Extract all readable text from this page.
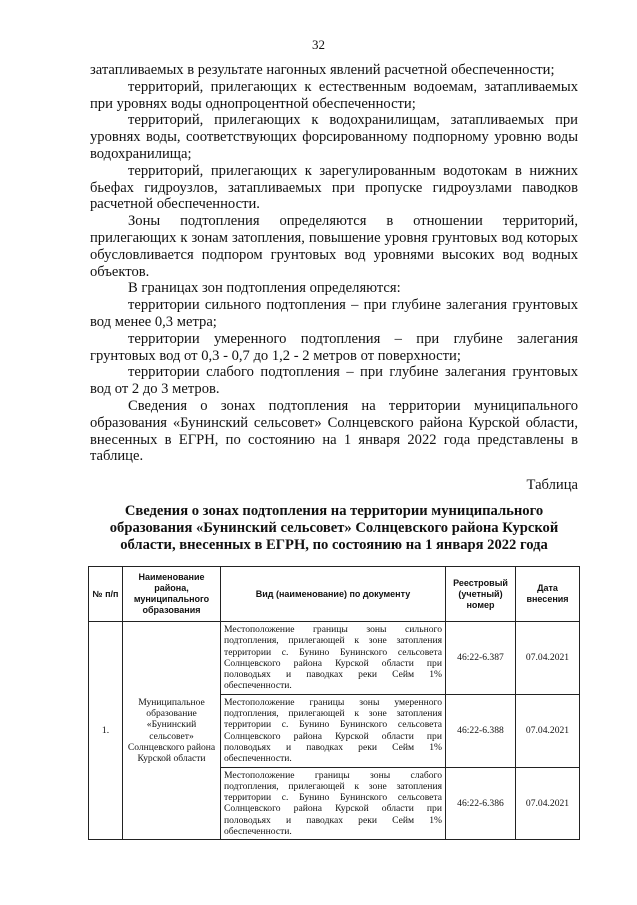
32

затапливаемых в результате нагонных явлений расчетной обеспеченности;

территорий, прилегающих к естественным водоемам, затапливаемых при уровнях воды однопроцентной обеспеченности;

территорий, прилегающих к водохранилищам, затапливаемых при уровнях воды, соответствующих форсированному подпорному уровню воды водохранилища;

территорий, прилегающих к зарегулированным водотокам в нижних бьефах гидроузлов, затапливаемых при пропуске гидроузлами паводков расчетной обеспеченности.

Зоны подтопления определяются в отношении территорий, прилегающих к зонам затопления, повышение уровня грунтовых вод которых обусловливается подпором грунтовых вод уровнями высоких вод водных объектов.

В границах зон подтопления определяются:

территории сильного подтопления – при глубине залегания грунтовых вод менее 0,3 метра;

территории умеренного подтопления – при глубине залегания грунтовых вод от 0,3 - 0,7 до 1,2 - 2 метров от поверхности;

территории слабого подтопления – при глубине залегания грунтовых вод от 2 до 3 метров.

Сведения о зонах подтопления на территории муниципального образования «Бунинский сельсовет» Солнцевского района Курской области, внесенных в ЕГРН, по состоянию на 1 января 2022 года представлены в таблице.

Таблица
Сведения о зонах подтопления на территории муниципального образования «Бунинский сельсовет» Солнцевского района Курской области, внесенных в ЕГРН, по состоянию на 1 января 2022 года
№ п/п	Наименование района, муниципального образования	Вид (наименование) по документу	Реестровый (учетный) номер	Дата внесения
1.	Муниципальное образование «Бунинский сельсовет» Солнцевского района Курской области	Местоположение границы зоны сильного подтопления, прилегающей к зоне затопления территории с. Бунино Бунинского сельсовета Солнцевского района Курской области при половодьях и паводках реки Сейм 1% обеспеченности.	46:22-6.387	07.04.2021
		Местоположение границы зоны умеренного подтопления, прилегающей к зоне затопления территории с. Бунино Бунинского сельсовета Солнцевского района Курской области при половодьях и паводках реки Сейм 1% обеспеченности.	46:22-6.388	07.04.2021
		Местоположение границы зоны слабого подтопления, прилегающей к зоне затопления территории с. Бунино Бунинского сельсовета Солнцевского района Курской области при половодьях и паводках реки Сейм 1% обеспеченности.	46:22-6.386	07.04.2021
